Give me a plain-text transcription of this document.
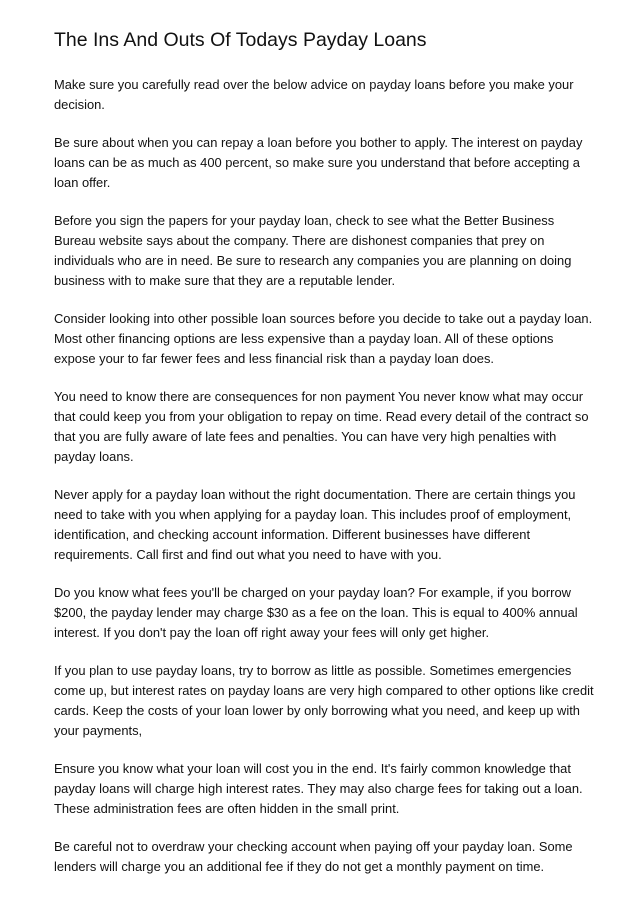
The Ins And Outs Of Todays Payday Loans

Make sure you carefully read over the below advice on payday loans before you make your decision.

Be sure about when you can repay a loan before you bother to apply. The interest on payday loans can be as much as 400 percent, so make sure you understand that before accepting a loan offer.

Before you sign the papers for your payday loan, check to see what the Better Business Bureau website says about the company. There are dishonest companies that prey on individuals who are in need. Be sure to research any companies you are planning on doing business with to make sure that they are a reputable lender.

Consider looking into other possible loan sources before you decide to take out a payday loan. Most other financing options are less expensive than a payday loan. All of these options expose your to far fewer fees and less financial risk than a payday loan does.

You need to know there are consequences for non payment You never know what may occur that could keep you from your obligation to repay on time. Read every detail of the contract so that you are fully aware of late fees and penalties. You can have very high penalties with payday loans.

Never apply for a payday loan without the right documentation. There are certain things you need to take with you when applying for a payday loan. This includes proof of employment, identification, and checking account information. Different businesses have different requirements. Call first and find out what you need to have with you.

Do you know what fees you'll be charged on your payday loan? For example, if you borrow $200, the payday lender may charge $30 as a fee on the loan. This is equal to 400% annual interest. If you don't pay the loan off right away your fees will only get higher.

If you plan to use payday loans, try to borrow as little as possible. Sometimes emergencies come up, but interest rates on payday loans are very high compared to other options like credit cards. Keep the costs of your loan lower by only borrowing what you need, and keep up with your payments,

Ensure you know what your loan will cost you in the end. It's fairly common knowledge that payday loans will charge high interest rates. They may also charge fees for taking out a loan. These administration fees are often hidden in the small print.

Be careful not to overdraw your checking account when paying off your payday loan. Some lenders will charge you an additional fee if they do not get a monthly payment on time.
